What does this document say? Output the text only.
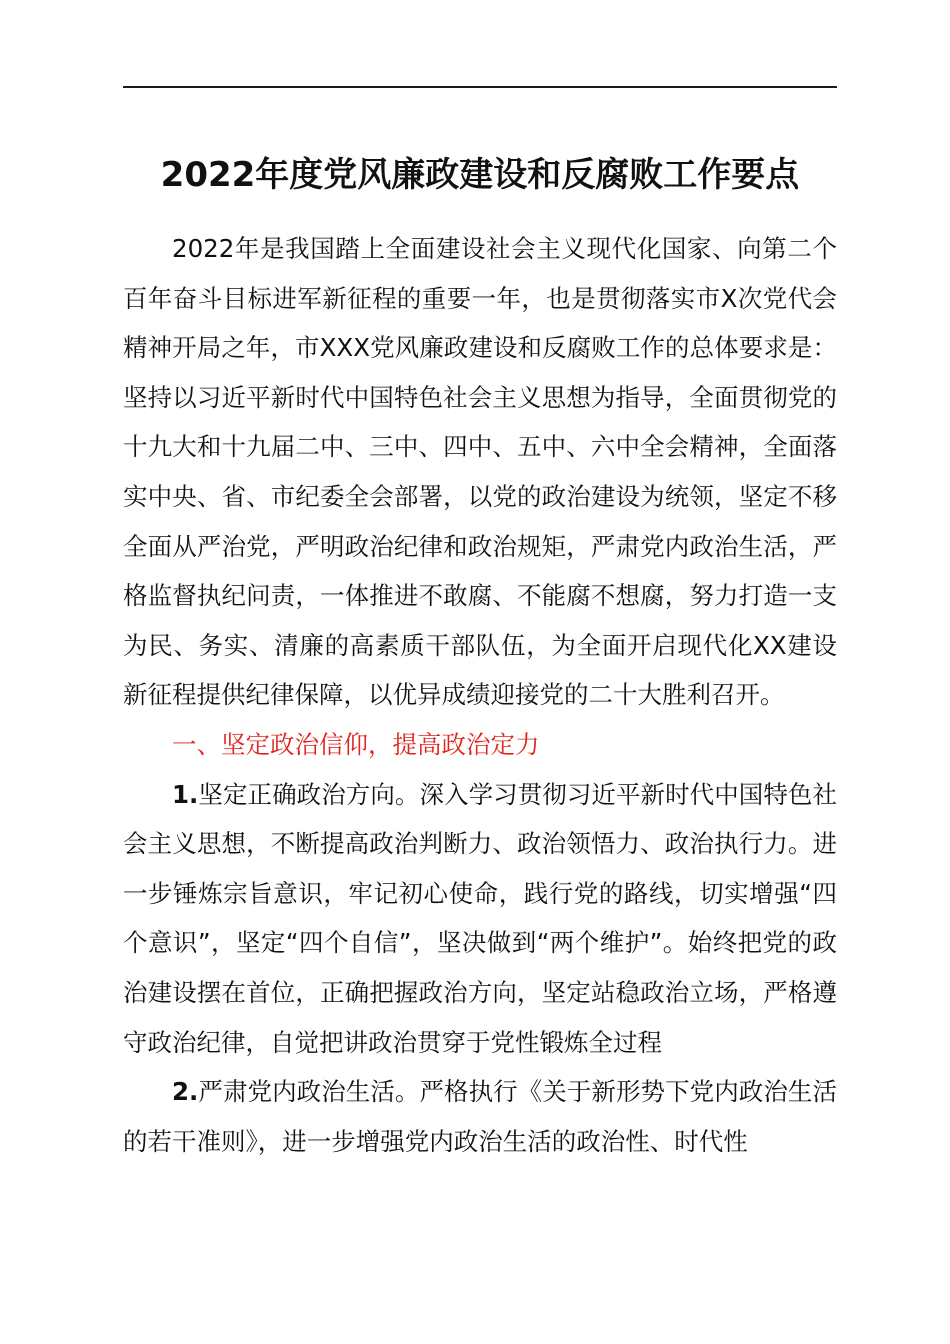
2022年度党风廉政建设和反腐败工作要点

2022年是我国踏上全面建设社会主义现代化国家、向第二个百年奋斗目标进军新征程的重要一年，也是贯彻落实市X次党代会精神开局之年，市XXX党风廉政建设和反腐败工作的总体要求是：坚持以习近平新时代中国特色社会主义思想为指导，全面贯彻党的十九大和十九届二中、三中、四中、五中、六中全会精神，全面落实中央、省、市纪委全会部署，以党的政治建设为统领，坚定不移全面从严治党，严明政治纪律和政治规矩，严肃党内政治生活，严格监督执纪问责，一体推进不敢腐、不能腐不想腐，努力打造一支为民、务实、清廉的高素质干部队伍，为全面开启现代化XX建设新征程提供纪律保障，以优异成绩迎接党的二十大胜利召开。

一、坚定政治信仰，提高政治定力

1.坚定正确政治方向。深入学习贯彻习近平新时代中国特色社会主义思想，不断提高政治判断力、政治领悟力、政治执行力。进一步锤炼宗旨意识，牢记初心使命，践行党的路线，切实增强“四个意识”，坚定“四个自信”，坚决做到“两个维护”。始终把党的政治建设摆在首位，正确把握政治方向，坚定站稳政治立场，严格遵守政治纪律，自觉把讲政治贯穿于党性锻炼全过程

2.严肃党内政治生活。严格执行《关于新形势下党内政治生活的若干准则》，进一步增强党内政治生活的政治性、时代性
